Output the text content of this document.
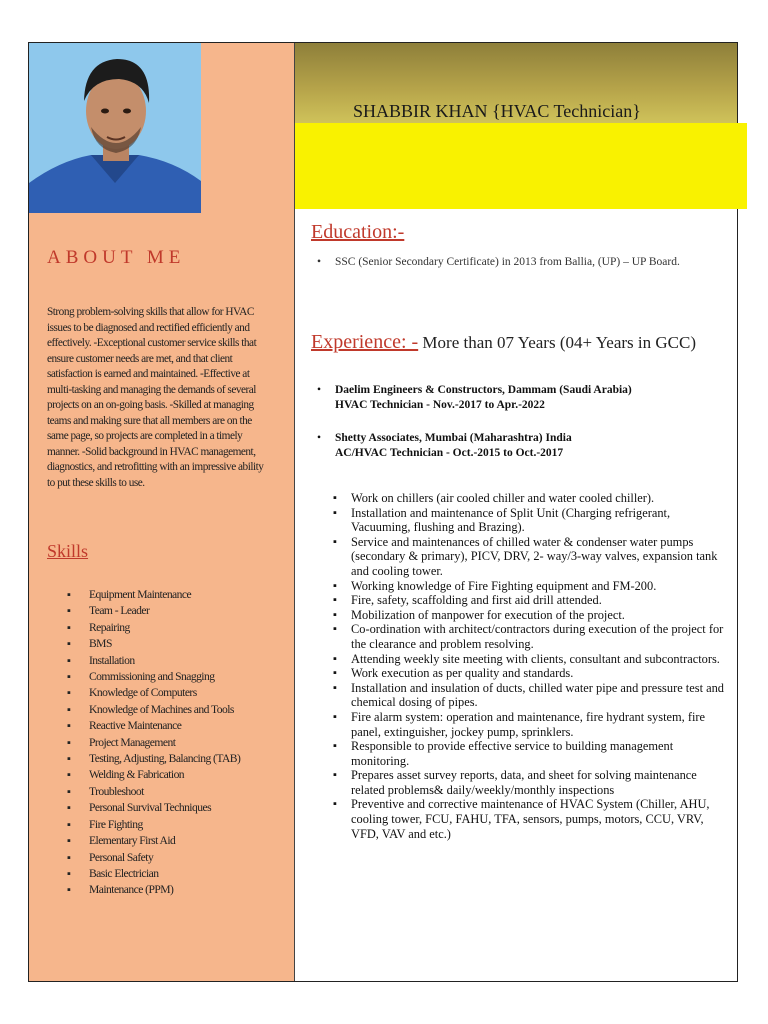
ABOUT ME
Strong problem-solving skills that allow for HVAC issues to be diagnosed and rectified efficiently and effectively. -Exceptional customer service skills that ensure customer needs are met, and that client satisfaction is earned and maintained. -Effective at multi-tasking and managing the demands of several projects on an on-going basis. -Skilled at managing teams and making sure that all members are on the same page, so projects are completed in a timely manner. -Solid background in HVAC management, diagnostics, and retrofitting with an impressive ability to put these skills to use.
Skills
▪ Equipment Maintenance
▪ Team - Leader
▪ Repairing
▪ BMS
▪ Installation
▪ Commissioning and Snagging
▪ Knowledge of Computers
▪ Knowledge of Machines and Tools
▪ Reactive Maintenance
▪ Project Management
▪ Testing, Adjusting, Balancing (TAB)
▪ Welding & Fabrication
▪ Troubleshoot
▪ Personal Survival Techniques
▪ Fire Fighting
▪ Elementary First Aid
▪ Personal Safety
▪ Basic Electrician
▪ Maintenance (PPM)
SHABBIR KHAN {HVAC Technician}
Education:-
• SSC (Senior Secondary Certificate) in 2013 from Ballia, (UP) – UP Board.
Experience: - More than 07 Years (04+ Years in GCC)
• Daelim Engineers & Constructors, Dammam (Saudi Arabia)
HVAC Technician - Nov.-2017 to Apr.-2022
• Shetty Associates, Mumbai (Maharashtra) India
AC/HVAC Technician - Oct.-2015 to Oct.-2017
▪ Work on chillers (air cooled chiller and water cooled chiller).
▪ Installation and maintenance of Split Unit (Charging refrigerant, Vacuuming, flushing and Brazing).
▪ Service and maintenances of chilled water & condenser water pumps (secondary & primary), PICV, DRV, 2- way/3-way valves, expansion tank and cooling tower.
▪ Working knowledge of Fire Fighting equipment and FM-200.
▪ Fire, safety, scaffolding and first aid drill attended.
▪ Mobilization of manpower for execution of the project.
▪ Co-ordination with architect/contractors during execution of the project for the clearance and problem resolving.
▪ Attending weekly site meeting with clients, consultant and subcontractors.
▪ Work execution as per quality and standards.
▪ Installation and insulation of ducts, chilled water pipe and pressure test and chemical dosing of pipes.
▪ Fire alarm system: operation and maintenance, fire hydrant system, fire panel, extinguisher, jockey pump, sprinklers.
▪ Responsible to provide effective service to building management monitoring.
▪ Prepares asset survey reports, data, and sheet for solving maintenance related problems& daily/weekly/monthly inspections
▪ Preventive and corrective maintenance of HVAC System (Chiller, AHU, cooling tower, FCU, FAHU, TFA, sensors, pumps, motors, CCU, VRV, VFD, VAV and etc.)
